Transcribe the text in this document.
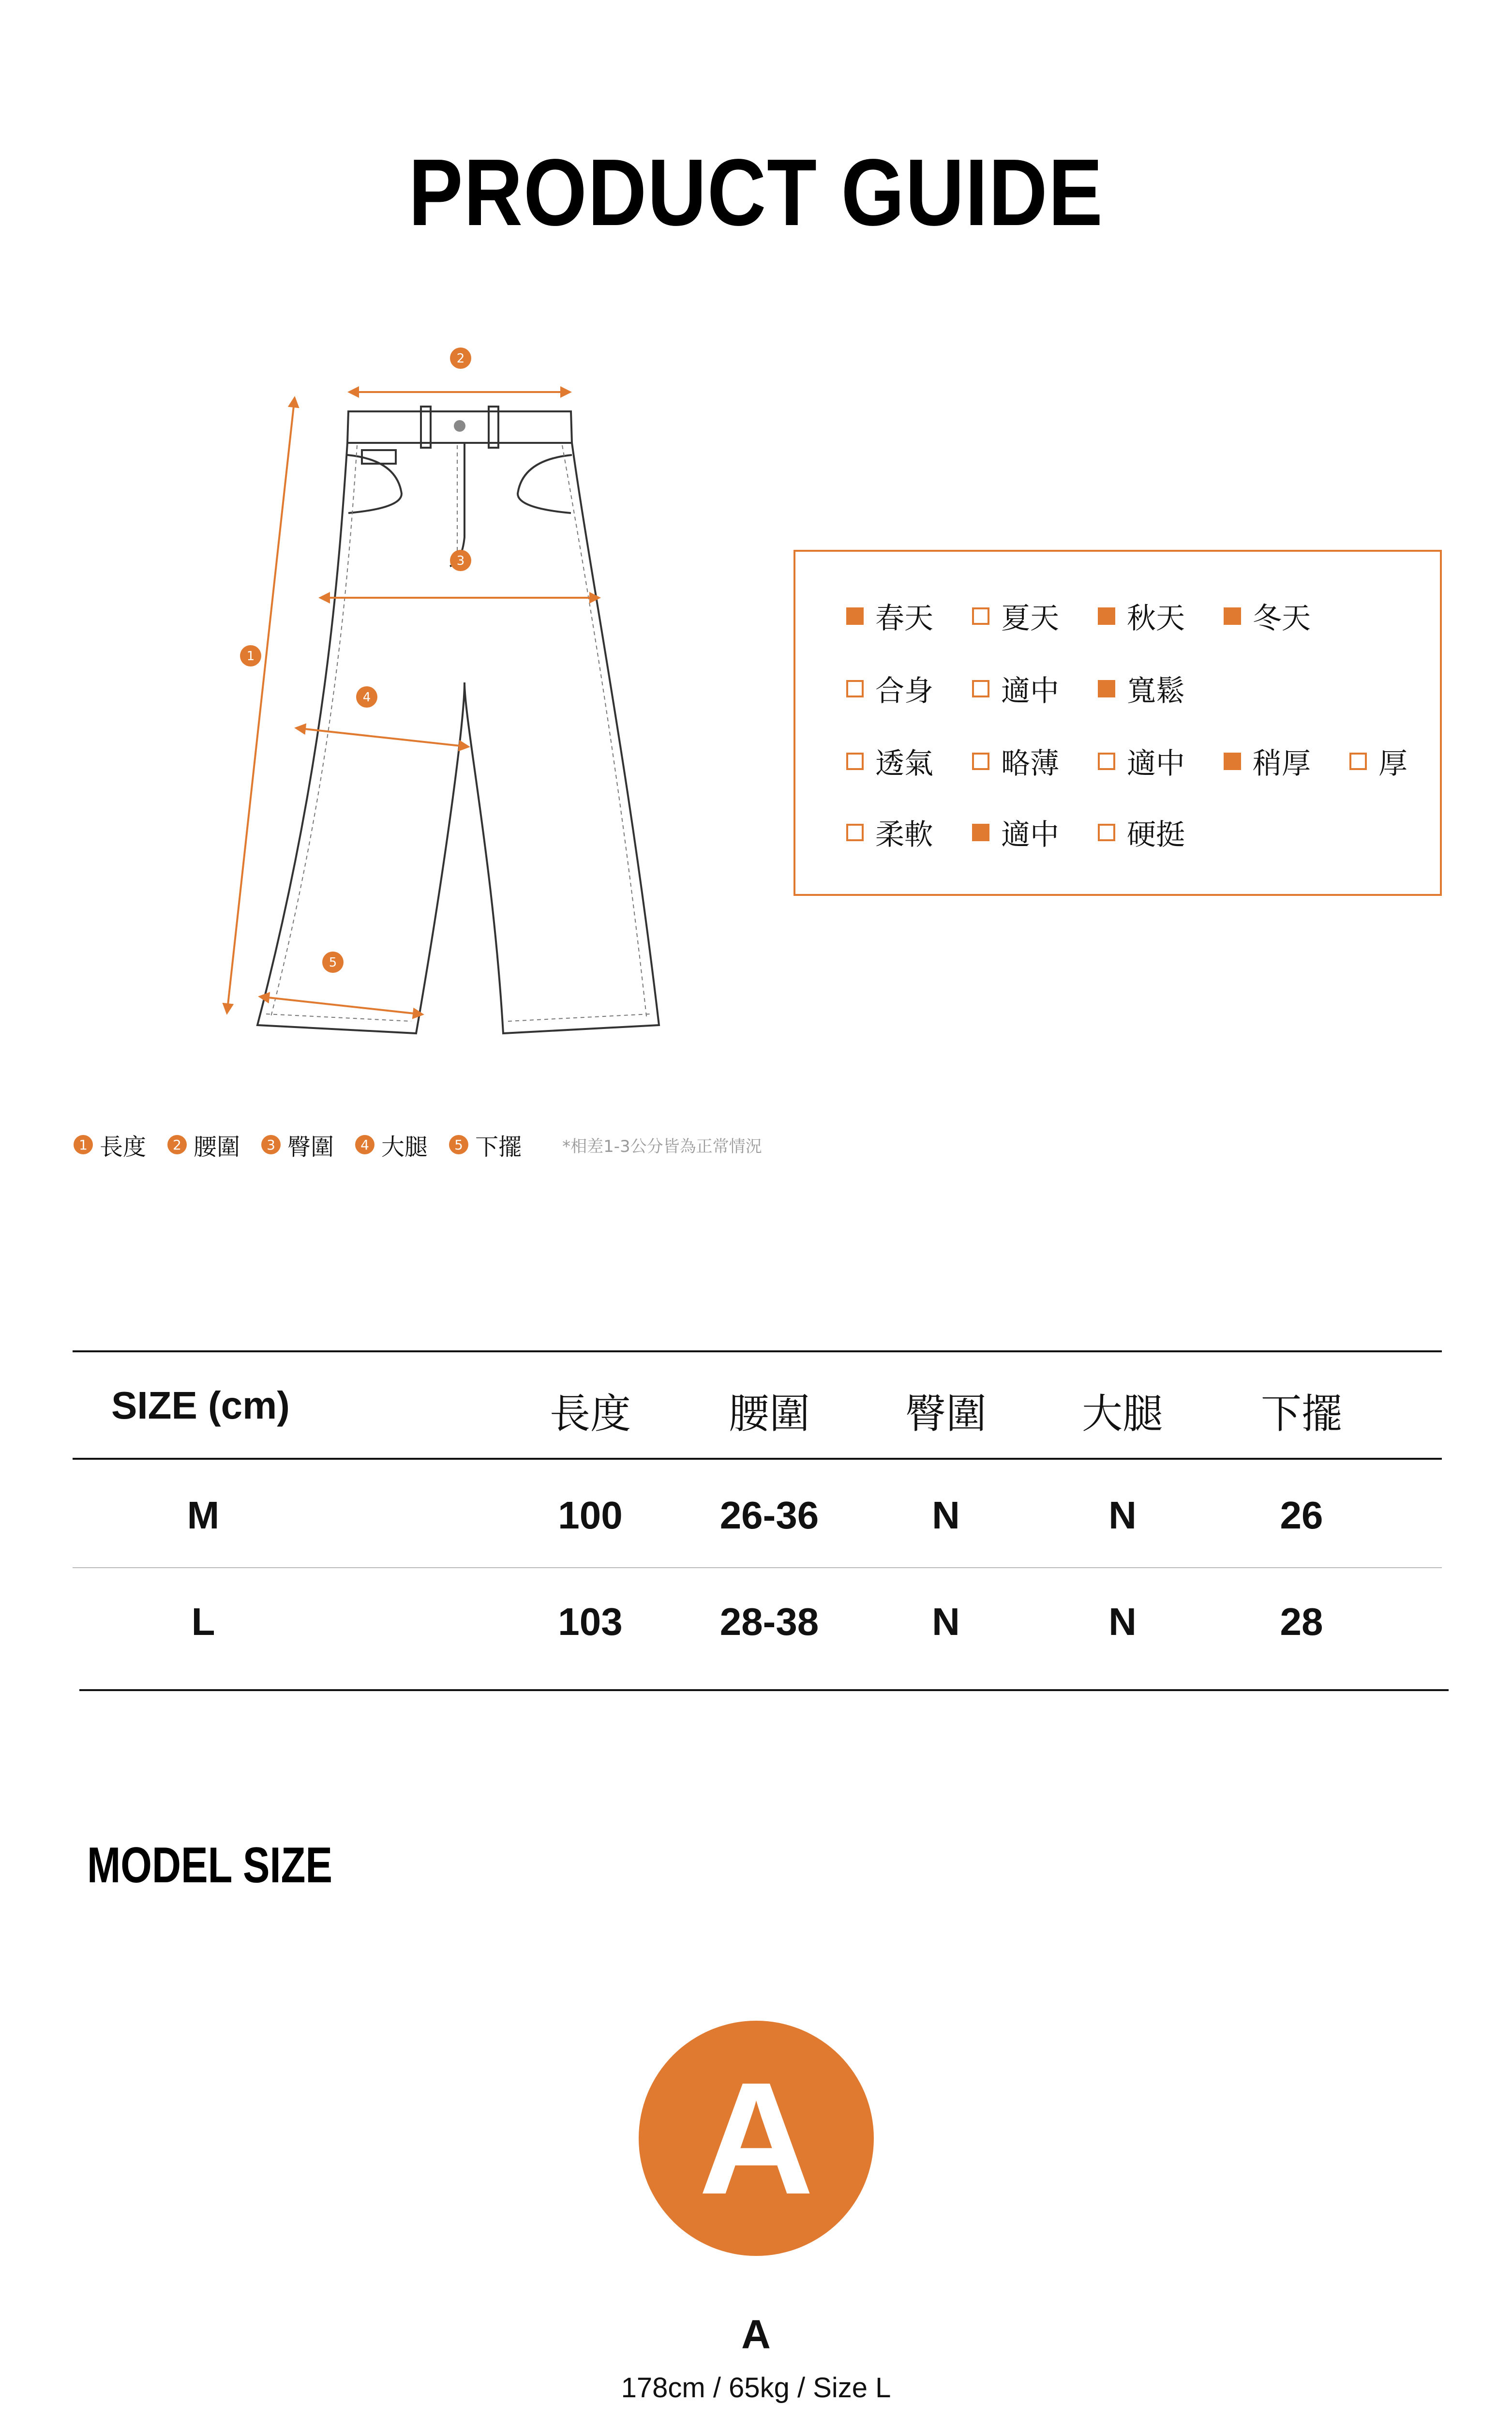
PRODUCT GUIDE
2
3
1
4
5
春天 夏天 秋天 冬天
合身 適中 寬鬆
透氣 略薄 適中 稍厚 厚
柔軟 適中 硬挺
1 長度	2 腰圍	3 臀圍	4 大腿	5 下擺 *相差1-3公分皆為正常情況
SIZE (cm)	長度	腰圍	臀圍	大腿	下擺
M	100	26-36	N	N	26
L	103	28-38	N	N	28
MODEL SIZE
A
A
178cm / 65kg / Size L
